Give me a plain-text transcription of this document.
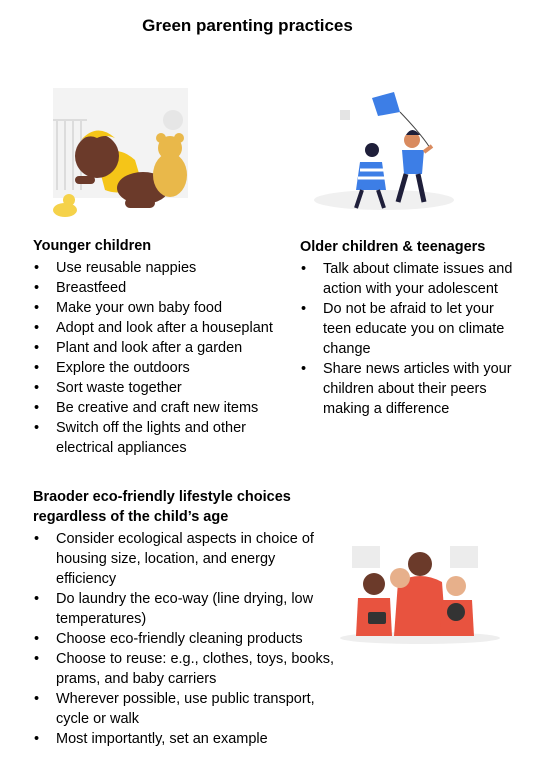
Green parenting practices
Younger children
• Use reusable nappies
• Breastfeed
• Make your own baby food
• Adopt and look after a houseplant
• Plant and look after a garden
• Explore the outdoors
• Sort waste together
• Be creative and craft new items
• Switch off the lights and other electrical appliances
Older children & teenagers
• Talk about climate issues and action with your adolescent
• Do not be afraid to let your teen educate you on climate change
• Share news articles with your children about their peers making a difference
Braoder eco-friendly lifestyle choices regardless of the child’s age
• Consider ecological aspects in choice of housing size, location, and energy efficiency
• Do laundry the eco-way (line drying, low temperatures)
• Choose eco-friendly cleaning products
• Choose to reuse: e.g., clothes, toys, books, prams, and baby carriers
• Wherever possible, use public transport, cycle or walk
• Most importantly, set an example
